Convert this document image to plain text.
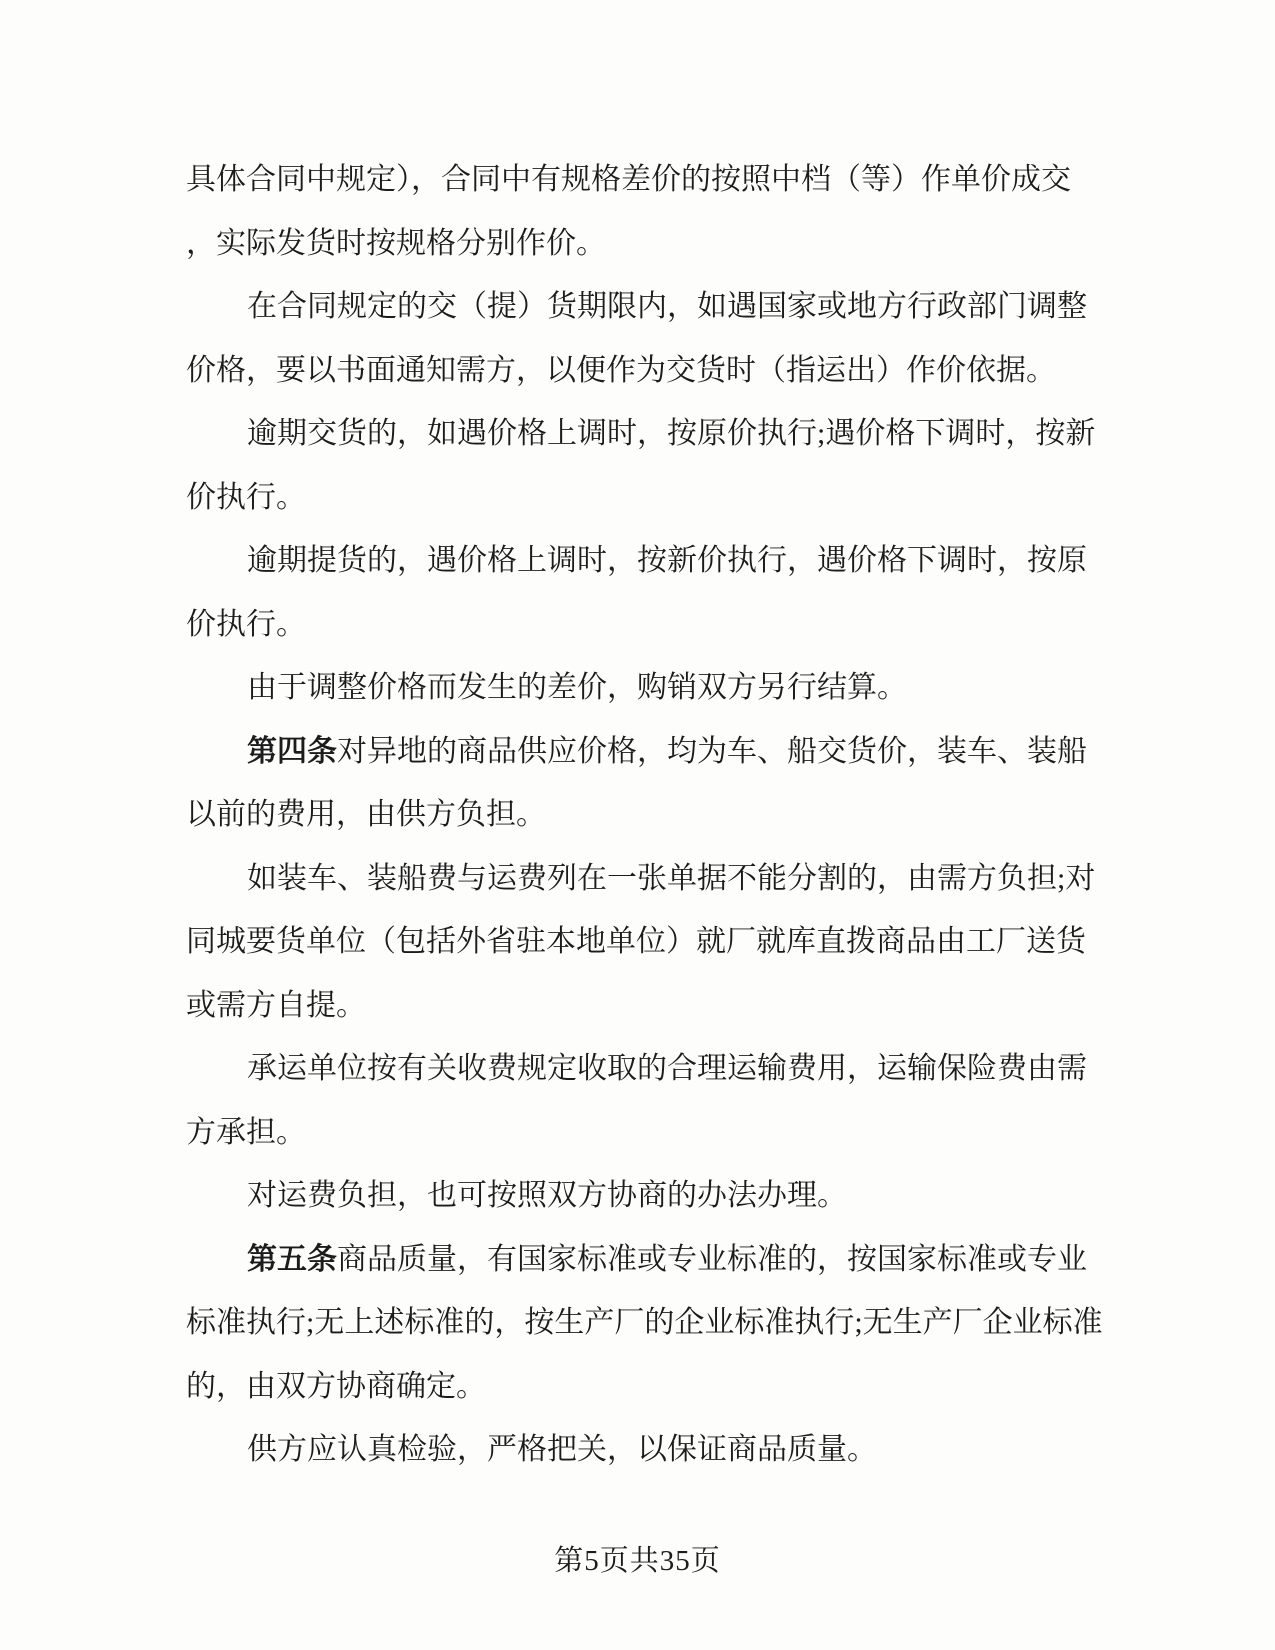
具体合同中规定），合同中有规格差价的按照中档（等）作单价成交
，实际发货时按规格分别作价。
在合同规定的交（提）货期限内，如遇国家或地方行政部门调整
价格，要以书面通知需方，以便作为交货时（指运出）作价依据。
逾期交货的，如遇价格上调时，按原价执行;遇价格下调时，按新
价执行。
逾期提货的，遇价格上调时，按新价执行，遇价格下调时，按原
价执行。
由于调整价格而发生的差价，购销双方另行结算。
第四条对异地的商品供应价格，均为车、船交货价，装车、装船
以前的费用，由供方负担。
如装车、装船费与运费列在一张单据不能分割的，由需方负担;对
同城要货单位（包括外省驻本地单位）就厂就库直拨商品由工厂送货
或需方自提。
承运单位按有关收费规定收取的合理运输费用，运输保险费由需
方承担。
对运费负担，也可按照双方协商的办法办理。
第五条商品质量，有国家标准或专业标准的，按国家标准或专业
标准执行;无上述标准的，按生产厂的企业标准执行;无生产厂企业标准
的，由双方协商确定。
供方应认真检验，严格把关，以保证商品质量。
第5页共35页
